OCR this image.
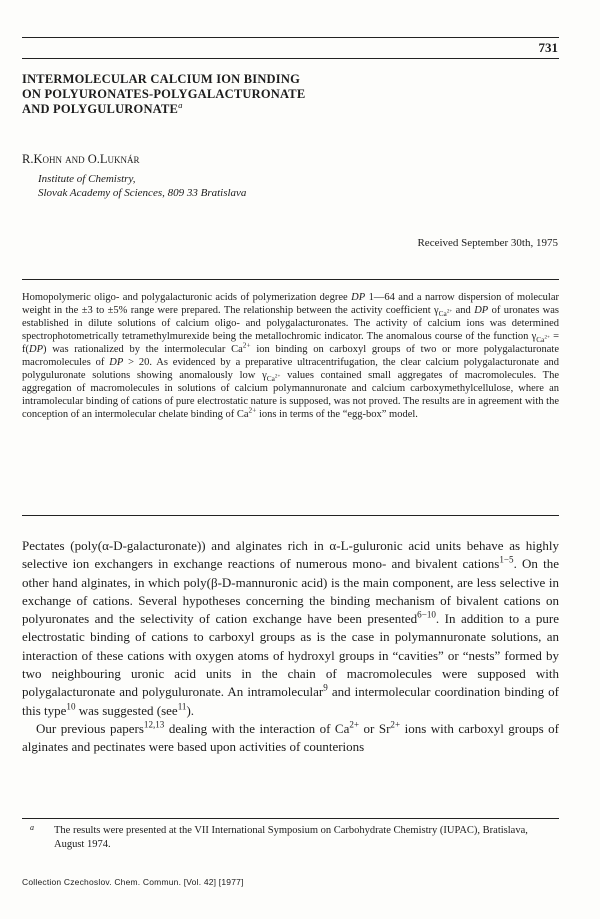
731
INTERMOLECULAR CALCIUM ION BINDING
ON POLYURONATES-POLYGALACTURONATE
AND POLYGULURONATE$^a$
R.Kohn and O.Luknár
Institute of Chemistry,
Slovak Academy of Sciences, 809 33 Bratislava
Received September 30th, 1975
Homopolymeric oligo- and polygalacturonic acids of polymerization degree DP 1—64 and a narrow dispersion of molecular weight in the ±3 to ±5% range were prepared. The relationship between the activity coefficient $\gamma_{Ca^{2+}}$ and DP of uronates was established in dilute solutions of calcium oligo- and polygalacturonates. The activity of calcium ions was determined spectrophotometrically tetramethylmurexide being the metallochromic indicator. The anomalous course of the function $\gamma_{Ca^{2+}} = f(DP)$ was rationalized by the intermolecular $Ca^{2+}$ ion binding on carboxyl groups of two or more polygalacturonate macromolecules of DP > 20. As evidenced by a preparative ultracentrifugation, the clear calcium polygalacturonate and polyguluronate solutions showing anomalously low $\gamma_{Ca^{2+}}$ values contained small aggregates of macromolecules. The aggregation of macromolecules in solutions of calcium polymannuronate and calcium carboxymethylcellulose, where an intramolecular binding of cations of pure electrostatic nature is supposed, was not proved. The results are in agreement with the conception of an intermolecular chelate binding of $Ca^{2+}$ ions in terms of the “egg-box” model.

Pectates (poly(α-D-galacturonate)) and alginates rich in α-L-guluronic acid units behave as highly selective ion exchangers in exchange reactions of numerous mono- and bivalent cations$^{1-5}$. On the other hand alginates, in which poly(β-D-mannuronic acid) is the main component, are less selective in exchange of cations. Several hypotheses concerning the binding mechanism of bivalent cations on polyuronates and the selectivity of cation exchange have been presented$^{6-10}$. In addition to a pure electrostatic binding of cations to carboxyl groups as is the case in polymannuronate solutions, an interaction of these cations with oxygen atoms of hydroxyl groups in “cavities” or “nests” formed by two neighbouring uronic acid units in the chain of macromolecules were supposed with polygalacturonate and polyguluronate. An intramolecular$^9$ and intermolecular coordination binding of this type$^{10}$ was suggested (see$^{11}$).

Our previous papers$^{12,13}$ dealing with the interaction of $Ca^{2+}$ or $Sr^{2+}$ ions with carboxyl groups of alginates and pectinates were based upon activities of counterions

a	The results were presented at the VII International Symposium on Carbohydrate Chemistry (IUPAC), Bratislava, August 1974.
Collection Czechoslov. Chem. Commun. [Vol. 42] [1977]
